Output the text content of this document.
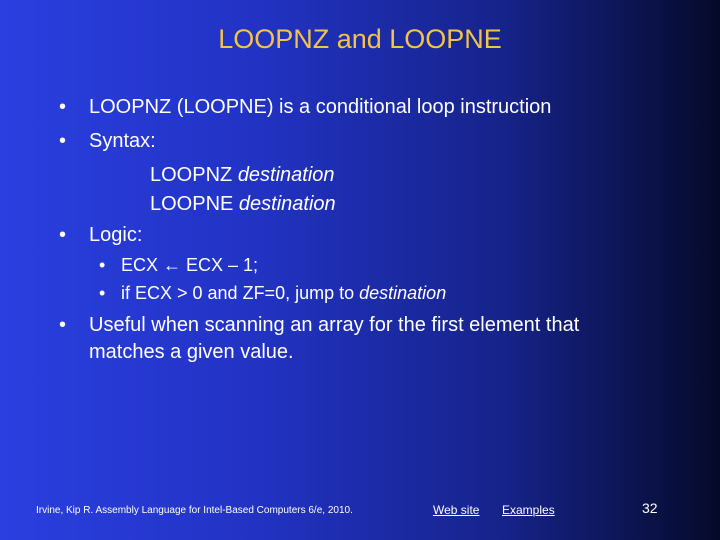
LOOPNZ and LOOPNE
• LOOPNZ (LOOPNE) is a conditional loop instruction
• Syntax:
LOOPNZ destination
LOOPNE destination
• Logic:
• ECX ← ECX – 1;
• if ECX > 0 and ZF=0, jump to destination
• Useful when scanning an array for the first element that matches a given value.
Irvine, Kip R. Assembly Language for Intel-Based Computers 6/e, 2010.	Web site Examples	32
